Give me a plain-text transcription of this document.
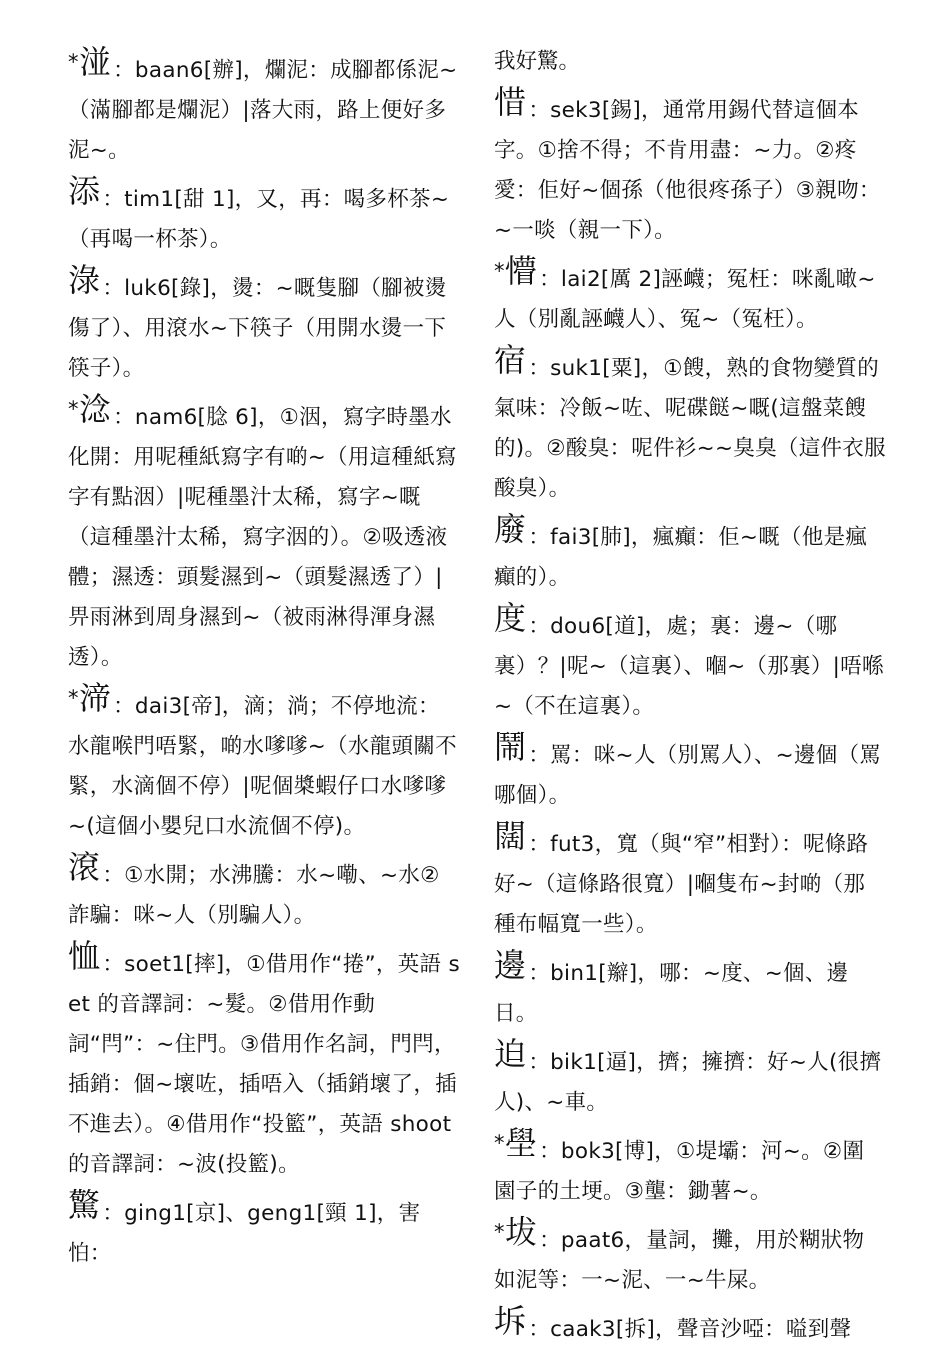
*湴：baan6[辦]，爛泥：成腳都係泥~（滿腳都是爛泥）|落大雨，路上便好多泥~。

添：tim1[甜 1]，又，再：喝多杯茶~（再喝一杯茶）。

淥：luk6[錄]，燙：~嘅隻腳（腳被燙傷了）、用滾水~下筷子（用開水燙一下筷子）。

*淰：nam6[腍 6]，①洇，寫字時墨水化開：用呢種紙寫字有啲~（用這種紙寫字有點洇）|呢種墨汁太稀，寫字~嘅（這種墨汁太稀，寫字洇的）。②吸透液體；濕透：頭髮濕到~（頭髮濕透了）|畀雨淋到周身濕到~（被雨淋得渾身濕透）。

*渧：dai3[帝]，滴；淌；不停地流：水龍喉門唔緊，啲水嗲嗲~（水龍頭關不緊，水滴個不停）|呢個槳蝦仔口水嗲嗲~(這個小嬰兒口水流個不停)。

滾：①水開；水沸騰：水~嘞、~水②詐騙：咪~人（別騙人）。

恤：soet1[摔]，①借用作“捲”，英語 set 的音譯詞：~髮。②借用作動詞“閂”：~住門。③借用作名詞，門閂，插銷：個~壞咗，插唔入（插銷壞了，插不進去）。④借用作“投籃”，英語 shoot 的音譯詞：~波(投籃)。

驚：ging1[京]、geng1[頸 1]，害怕：

我好驚。

惜：sek3[錫]，通常用錫代替這個本字。①捨不得；不肯用盡：~力。②疼愛：佢好~個孫（他很疼孫子）③親吻：~一啖（親一下）。

*懵：lai2[厲 2]誣衊；冤枉：咪亂噉~人（別亂誣衊人）、冤~（冤枉）。

宿：suk1[粟]，①餿，熟的食物變質的氣味：冷飯~咗、呢碟餸~嘅(這盤菜餿的)。②酸臭：呢件衫~~臭臭（這件衣服酸臭）。

廢：fai3[肺]，瘋癲：佢~嘅（他是瘋癲的）。

度：dou6[道]，處；裏：邊~（哪裏）？|呢~（這裏）、嗰~（那裏）|唔喺~（不在這裏）。

鬧：罵：咪~人（別罵人）、~邊個（罵哪個）。

闊：fut3，寬（與“窄”相對）：呢條路好~（這條路很寬）|嗰隻布~封啲（那種布幅寬一些）。

邊：bin1[辮]，哪：~度、~個、邊日。

迫：bik1[逼]，擠；擁擠：好~人(很擠人)、~車。

*壆：bok3[博]，①堤壩：河~。②圍園子的土埂。③壟：鋤薯~。

*坺：paat6，量詞，攤，用於糊狀物如泥等：一~泥、一~牛屎。

坼：caak3[拆]，聲音沙啞：嗌到聲
